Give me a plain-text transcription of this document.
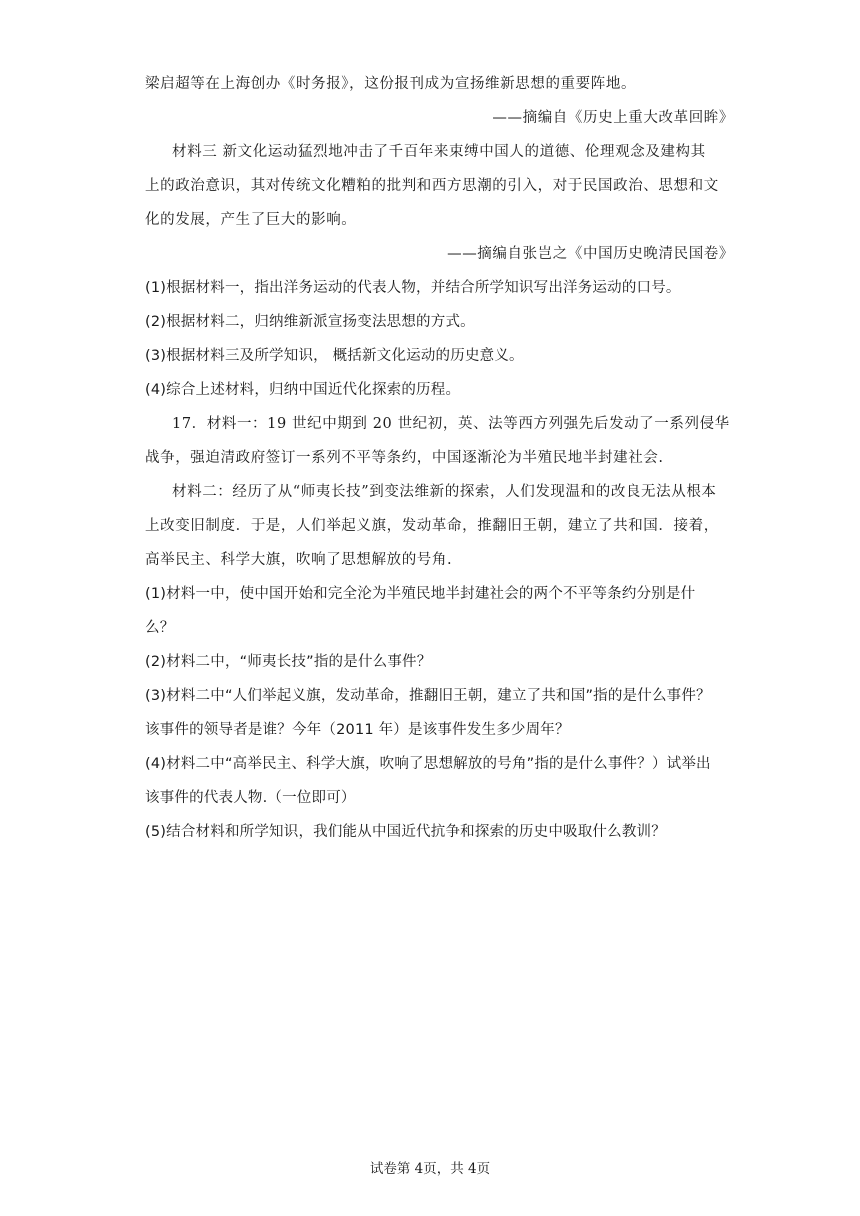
梁启超等在上海创办《时务报》，这份报刊成为宣扬维新思想的重要阵地。
——摘编自《历史上重大改革回眸》
材料三 新文化运动猛烈地冲击了千百年来束缚中国人的道德、伦理观念及建构其
上的政治意识，其对传统文化糟粕的批判和西方思潮的引入，对于民国政治、思想和文
化的发展，产生了巨大的影响。
——摘编自张岂之《中国历史晚清民国卷》
(1)根据材料一，指出洋务运动的代表人物，并结合所学知识写出洋务运动的口号。
(2)根据材料二，归纳维新派宣扬变法思想的方式。
(3)根据材料三及所学知识， 概括新文化运动的历史意义。
(4)综合上述材料，归纳中国近代化探索的历程。
17．材料一：19 世纪中期到 20 世纪初，英、法等西方列强先后发动了一系列侵华
战争，强迫清政府签订一系列不平等条约，中国逐渐沦为半殖民地半封建社会.
材料二：经历了从“师夷长技”到变法维新的探索，人们发现温和的改良无法从根本
上改变旧制度．于是，人们举起义旗，发动革命，推翻旧王朝，建立了共和国．接着，
高举民主、科学大旗，吹响了思想解放的号角.
(1)材料一中，使中国开始和完全沦为半殖民地半封建社会的两个不平等条约分别是什
么？
(2)材料二中，“师夷长技”指的是什么事件？
(3)材料二中“人们举起义旗，发动革命，推翻旧王朝，建立了共和国”指的是什么事件？
该事件的领导者是谁？今年（2011 年）是该事件发生多少周年？
(4)材料二中“高举民主、科学大旗，吹响了思想解放的号角”指的是什么事件？）试举出
该事件的代表人物.（一位即可）
(5)结合材料和所学知识，我们能从中国近代抗争和探索的历史中吸取什么教训？
试卷第 4页，共 4页
